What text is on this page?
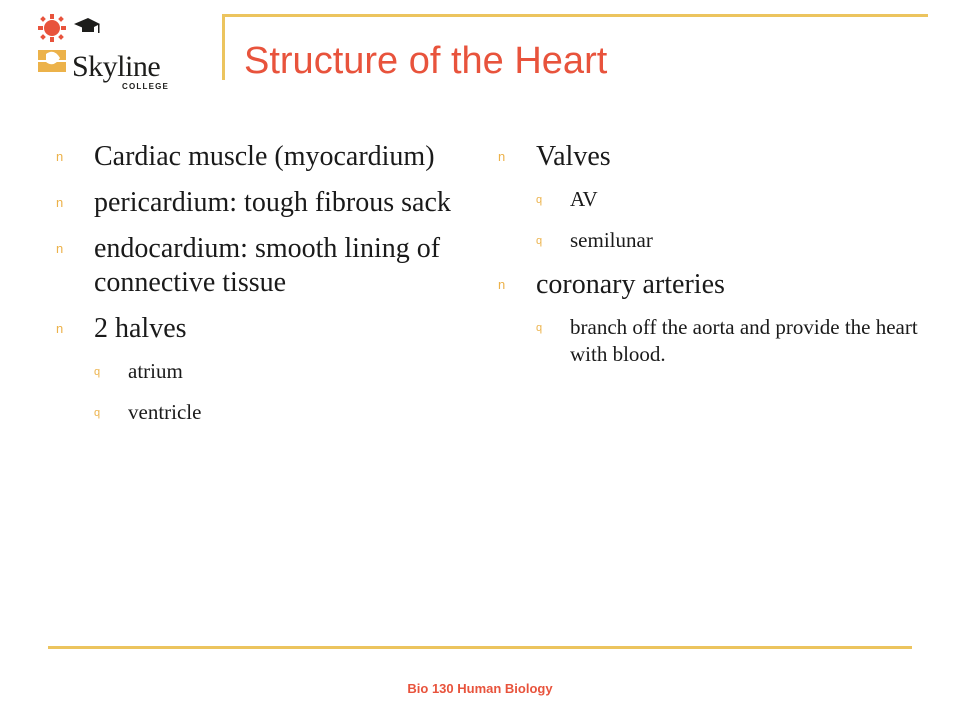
Skyline
COLLEGE
Structure of the Heart
n Cardiac muscle (myocardium)
n pericardium: tough fibrous sack
n endocardium: smooth lining of connective tissue
n 2 halves
q atrium
q ventricle
n Valves
q AV
q semilunar
n coronary arteries
q branch off the aorta and provide the heart with blood.
Bio 130 Human Biology
